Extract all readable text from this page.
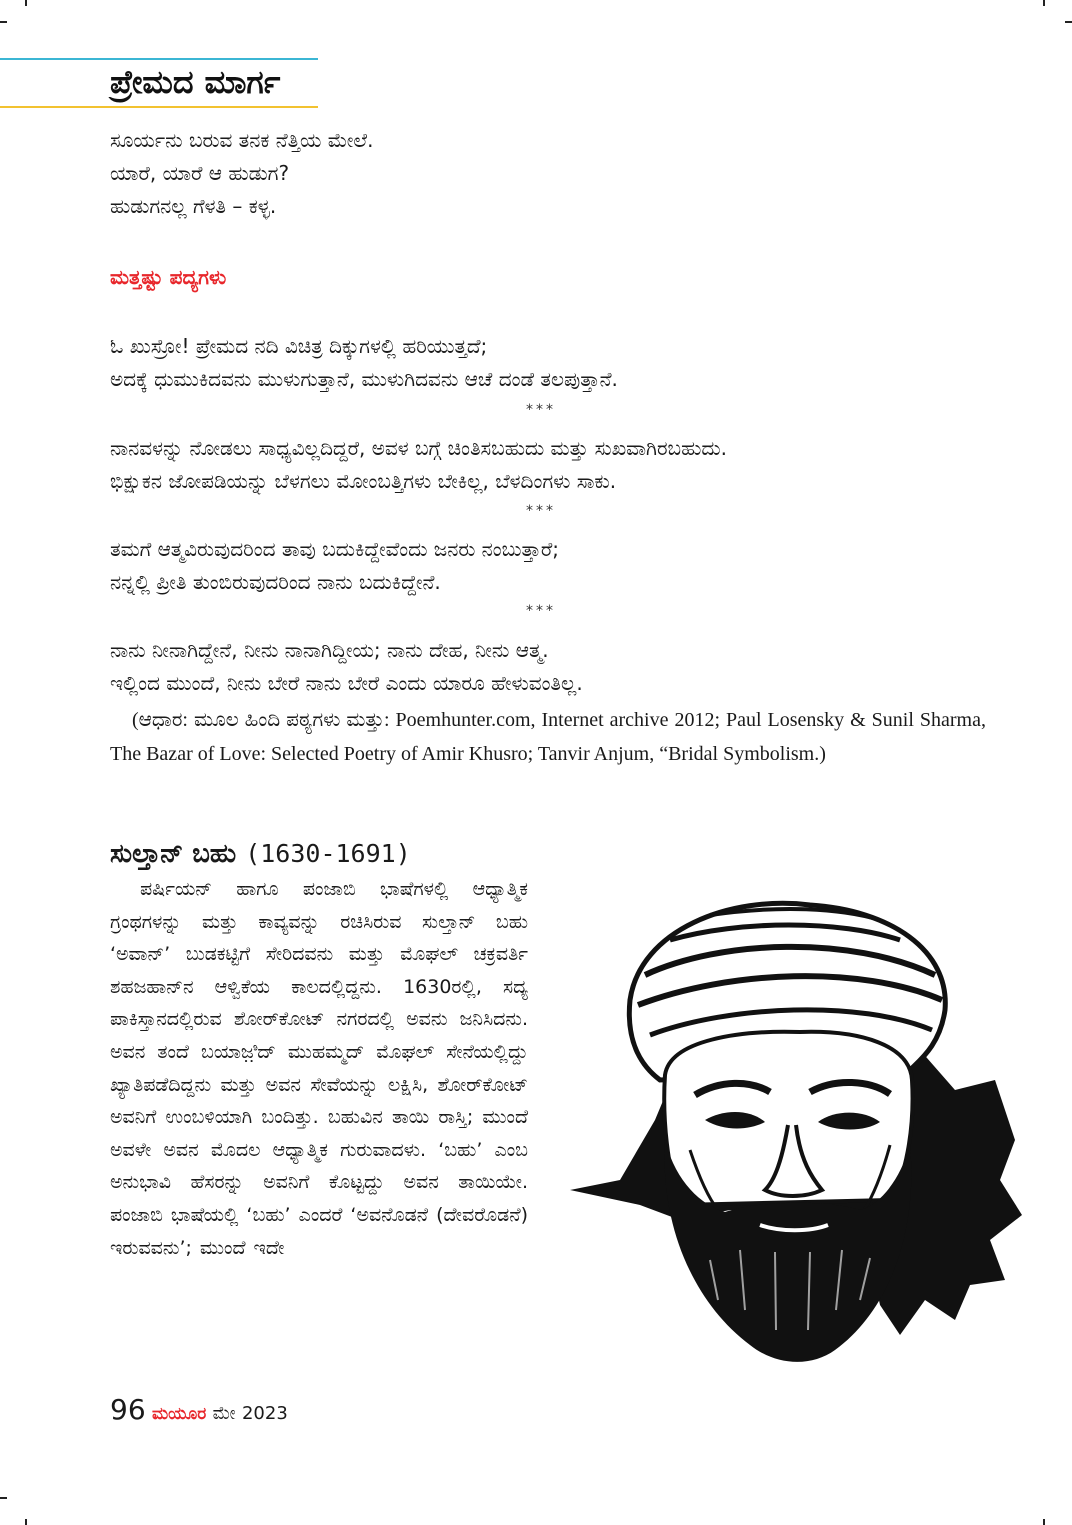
ಪ್ರೇಮದ ಮಾರ್ಗ
ಸೂರ್ಯನು ಬರುವ ತನಕ ನೆತ್ತಿಯ ಮೇಲೆ.
ಯಾರೆ, ಯಾರೆ ಆ ಹುಡುಗ?
ಹುಡುಗನಲ್ಲ ಗೆಳತಿ – ಕಳ್ಳ.
ಮತ್ತಷ್ಟು ಪದ್ಯಗಳು
ಓ ಖುಸ್ರೋ! ಪ್ರೇಮದ ನದಿ ವಿಚಿತ್ರ ದಿಕ್ಕುಗಳಲ್ಲಿ ಹರಿಯುತ್ತದೆ;
ಅದಕ್ಕೆ ಧುಮುಕಿದವನು ಮುಳುಗುತ್ತಾನೆ, ಮುಳುಗಿದವನು ಆಚೆ ದಂಡೆ ತಲಪುತ್ತಾನೆ.
***
ನಾನವಳನ್ನು ನೋಡಲು ಸಾಧ್ಯವಿಲ್ಲದಿದ್ದರೆ, ಅವಳ ಬಗ್ಗೆ ಚಿಂತಿಸಬಹುದು ಮತ್ತು ಸುಖವಾಗಿರಬಹುದು.
ಭಿಕ್ಷುಕನ ಜೋಪಡಿಯನ್ನು ಬೆಳಗಲು ಮೋಂಬತ್ತಿಗಳು ಬೇಕಿಲ್ಲ, ಬೆಳದಿಂಗಳು ಸಾಕು.
***
ತಮಗೆ ಆತ್ಮವಿರುವುದರಿಂದ ತಾವು ಬದುಕಿದ್ದೇವೆಂದು ಜನರು ನಂಬುತ್ತಾರೆ;
ನನ್ನಲ್ಲಿ ಪ್ರೀತಿ ತುಂಬಿರುವುದರಿಂದ ನಾನು ಬದುಕಿದ್ದೇನೆ.
***
ನಾನು ನೀನಾಗಿದ್ದೇನೆ, ನೀನು ನಾನಾಗಿದ್ದೀಯ; ನಾನು ದೇಹ, ನೀನು ಆತ್ಮ.
ಇಲ್ಲಿಂದ ಮುಂದೆ, ನೀನು ಬೇರೆ ನಾನು ಬೇರೆ ಎಂದು ಯಾರೂ ಹೇಳುವಂತಿಲ್ಲ.

(ಆಧಾರ: ಮೂಲ ಹಿಂದಿ ಪಠ್ಯಗಳು ಮತ್ತು: Poemhunter.com, Internet archive 2012; Paul Losensky & Sunil Sharma, The Bazar of Love: Selected Poetry of Amir Khusro; Tanvir Anjum, “Bridal Symbolism.)

ಸುಲ್ತಾನ್ ಬಹು (1630-1691)

ಪರ್ಷಿಯನ್ ಹಾಗೂ ಪಂಜಾಬಿ ಭಾಷೆಗಳಲ್ಲಿ ಆಧ್ಯಾತ್ಮಿಕ ಗ್ರಂಥಗಳನ್ನು ಮತ್ತು ಕಾವ್ಯವನ್ನು ರಚಿಸಿರುವ ಸುಲ್ತಾನ್ ಬಹು ‘ಅವಾನ್’ ಬುಡಕಟ್ಟಿಗೆ ಸೇರಿದವನು ಮತ್ತು ಮೊಘಲ್ ಚಕ್ರವರ್ತಿ ಶಹಜಹಾನ್‌ನ ಆಳ್ವಿಕೆಯ ಕಾಲದಲ್ಲಿದ್ದನು. 1630ರಲ್ಲಿ, ಸದ್ಯ ಪಾಕಿಸ್ತಾನದಲ್ಲಿರುವ ಶೋರ್‌ಕೋಟ್ ನಗರದಲ್ಲಿ ಅವನು ಜನಿಸಿದನು. ಅವನ ತಂದೆ ಬಯಾಜ಼ಿದ್ ಮುಹಮ್ಮದ್ ಮೊಘಲ್ ಸೇನೆಯಲ್ಲಿದ್ದು ಖ್ಯಾತಿಪಡೆದಿದ್ದನು ಮತ್ತು ಅವನ ಸೇವೆಯನ್ನು ಲಕ್ಷಿಸಿ, ಶೋರ್‌ಕೋಟ್ ಅವನಿಗೆ ಉಂಬಳಿಯಾಗಿ ಬಂದಿತ್ತು. ಬಹುವಿನ ತಾಯಿ ರಾಸ್ತಿ; ಮುಂದೆ ಅವಳೇ ಅವನ ಮೊದಲ ಆಧ್ಯಾತ್ಮಿಕ ಗುರುವಾದಳು. ‘ಬಹು’ ಎಂಬ ಅನುಭಾವಿ ಹೆಸರನ್ನು ಅವನಿಗೆ ಕೊಟ್ಟದ್ದು ಅವನ ತಾಯಿಯೇ. ಪಂಜಾಬಿ ಭಾಷೆಯಲ್ಲಿ ‘ಬಹು’ ಎಂದರೆ ‘ಅವನೊಡನೆ (ದೇವರೊಡನೆ) ಇರುವವನು’; ಮುಂದೆ ಇದೇ

96 ಮಯೂರ ಮೇ 2023
